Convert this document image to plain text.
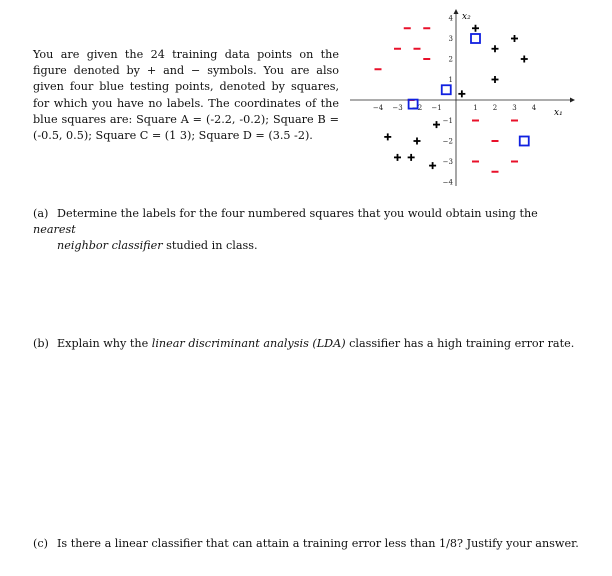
You are given the 24 training data points on the figure denoted by + and − symbols. You are also given four blue testing points, denoted by squares, for which you have no labels. The coordinates of the blue squares are: Square A = (-2.2, -0.2); Square B = (-0.5, 0.5); Square C = (1 3); Square D = (3.5 -2).

x₁
x₂
−4 −3 −2 −1	1 2 3 4
4
3
2
1
−1
−2
−3
−4
(a) Determine the labels for the four numbered squares that you would obtain using the nearest
neighbor classifier studied in class.
(b) Explain why the linear discriminant analysis (LDA) classifier has a high training error rate.
(c) Is there a linear classifier that can attain a training error less than 1/8? Justify your answer.
